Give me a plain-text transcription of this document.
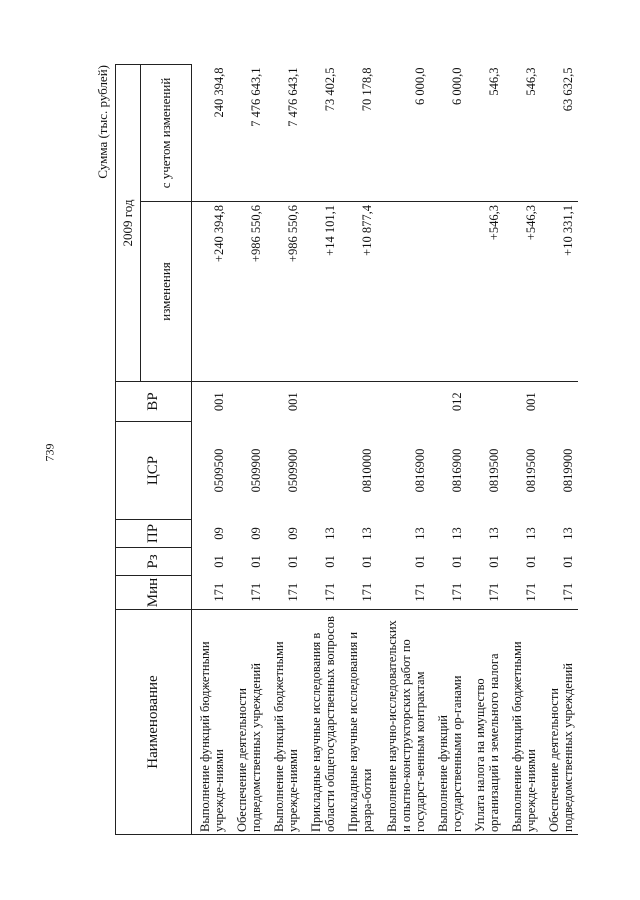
739
Сумма (тыс. рублей)
Наименование	Мин	Рз	ПР	ЦСР	ВР	2009 год	
						изменения	с учетом изменений
Выполнение функций бюджетными учрежде-ниями	171	01	09	0509500	001	+240 394,8	240 394,8
Обеспечение деятельности подведомственных учреждений	171	01	09	0509900		+986 550,6	7 476 643,1
Выполнение функций бюджетными учрежде-ниями	171	01	09	0509900	001	+986 550,6	7 476 643,1
Прикладные научные исследования в области общегосударственных вопросов	171	01	13			+14 101,1	73 402,5
Прикладные научные исследования и разра-ботки	171	01	13	0810000		+10 877,4	70 178,8
Выполнение научно-исследовательских и опытно-конструкторских работ по государст-венным контрактам	171	01	13	0816900			6 000,0
Выполнение функций государственными ор-ганами	171	01	13	0816900	012		6 000,0
Уплата налога на имущество организаций и земельного налога	171	01	13	0819500		+546,3	546,3
Выполнение функций бюджетными учрежде-ниями	171	01	13	0819500	001	+546,3	546,3
Обеспечение деятельности подведомственных учреждений	171	01	13	0819900		+10 331,1	63 632,5
